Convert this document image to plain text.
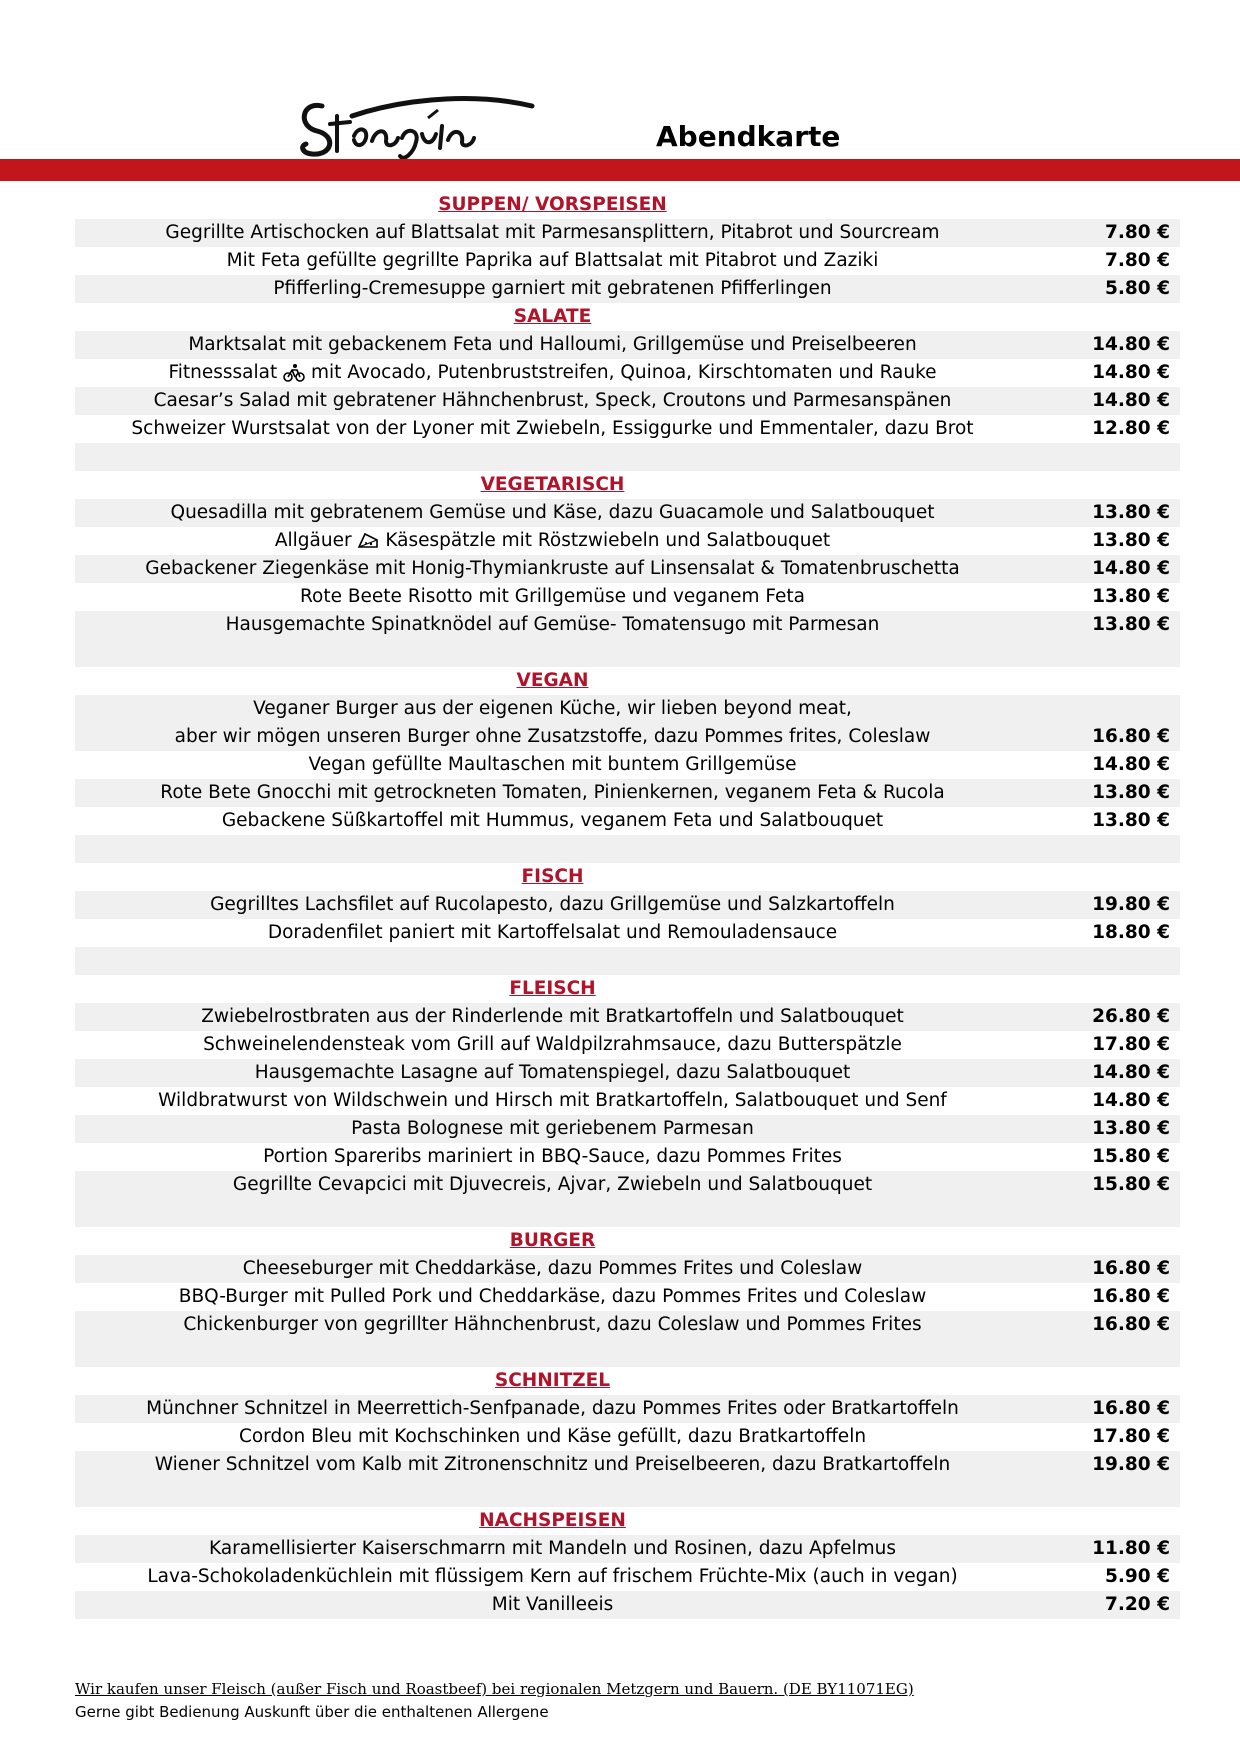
Abendkarte
SUPPEN/ VORSPEISEN
Gegrillte Artischocken auf Blattsalat mit Parmesansplittern, Pitabrot und Sourcream	7.80 €
Mit Feta gefüllte gegrillte Paprika auf Blattsalat mit Pitabrot und Zaziki	7.80 €
Pfifferling-Cremesuppe garniert mit gebratenen Pfifferlingen	5.80 €
SALATE
Marktsalat mit gebackenem Feta und Halloumi, Grillgemüse und Preiselbeeren	14.80 €
Fitnesssalat mit Avocado, Putenbruststreifen, Quinoa, Kirschtomaten und Rauke	14.80 €
Caesar’s Salad mit gebratener Hähnchenbrust, Speck, Croutons und Parmesanspänen	14.80 €
Schweizer Wurstsalat von der Lyoner mit Zwiebeln, Essiggurke und Emmentaler, dazu Brot	12.80 €
VEGETARISCH
Quesadilla mit gebratenem Gemüse und Käse, dazu Guacamole und Salatbouquet	13.80 €
Allgäuer Käsespätzle mit Röstzwiebeln und Salatbouquet	13.80 €
Gebackener Ziegenkäse mit Honig-Thymiankruste auf Linsensalat & Tomatenbruschetta	14.80 €
Rote Beete Risotto mit Grillgemüse und veganem Feta	13.80 €
Hausgemachte Spinatknödel auf Gemüse- Tomatensugo mit Parmesan	13.80 €
VEGAN
Veganer Burger aus der eigenen Küche, wir lieben beyond meat,
aber wir mögen unseren Burger ohne Zusatzstoffe, dazu Pommes frites, Coleslaw	16.80 €
Vegan gefüllte Maultaschen mit buntem Grillgemüse	14.80 €
Rote Bete Gnocchi mit getrockneten Tomaten, Pinienkernen, veganem Feta & Rucola	13.80 €
Gebackene Süßkartoffel mit Hummus, veganem Feta und Salatbouquet	13.80 €
FISCH
Gegrilltes Lachsfilet auf Rucolapesto, dazu Grillgemüse und Salzkartoffeln	19.80 €
Doradenfilet paniert mit Kartoffelsalat und Remouladensauce	18.80 €
FLEISCH
Zwiebelrostbraten aus der Rinderlende mit Bratkartoffeln und Salatbouquet	26.80 €
Schweinelendensteak vom Grill auf Waldpilzrahmsauce, dazu Butterspätzle	17.80 €
Hausgemachte Lasagne auf Tomatenspiegel, dazu Salatbouquet	14.80 €
Wildbratwurst von Wildschwein und Hirsch mit Bratkartoffeln, Salatbouquet und Senf	14.80 €
Pasta Bolognese mit geriebenem Parmesan	13.80 €
Portion Spareribs mariniert in BBQ-Sauce, dazu Pommes Frites	15.80 €
Gegrillte Cevapcici mit Djuvecreis, Ajvar, Zwiebeln und Salatbouquet	15.80 €
BURGER
Cheeseburger mit Cheddarkäse, dazu Pommes Frites und Coleslaw	16.80 €
BBQ-Burger mit Pulled Pork und Cheddarkäse, dazu Pommes Frites und Coleslaw	16.80 €
Chickenburger von gegrillter Hähnchenbrust, dazu Coleslaw und Pommes Frites	16.80 €
SCHNITZEL
Münchner Schnitzel in Meerrettich-Senfpanade, dazu Pommes Frites oder Bratkartoffeln	16.80 €
Cordon Bleu mit Kochschinken und Käse gefüllt, dazu Bratkartoffeln	17.80 €
Wiener Schnitzel vom Kalb mit Zitronenschnitz und Preiselbeeren, dazu Bratkartoffeln	19.80 €
NACHSPEISEN
Karamellisierter Kaiserschmarrn mit Mandeln und Rosinen, dazu Apfelmus	11.80 €
Lava-Schokoladenküchlein mit flüssigem Kern auf frischem Früchte-Mix (auch in vegan)	5.90 €
Mit Vanilleeis	7.20 €
Wir kaufen unser Fleisch (außer Fisch und Roastbeef) bei regionalen Metzgern und Bauern. (DE BY11071EG)
Gerne gibt Bedienung Auskunft über die enthaltenen Allergene
